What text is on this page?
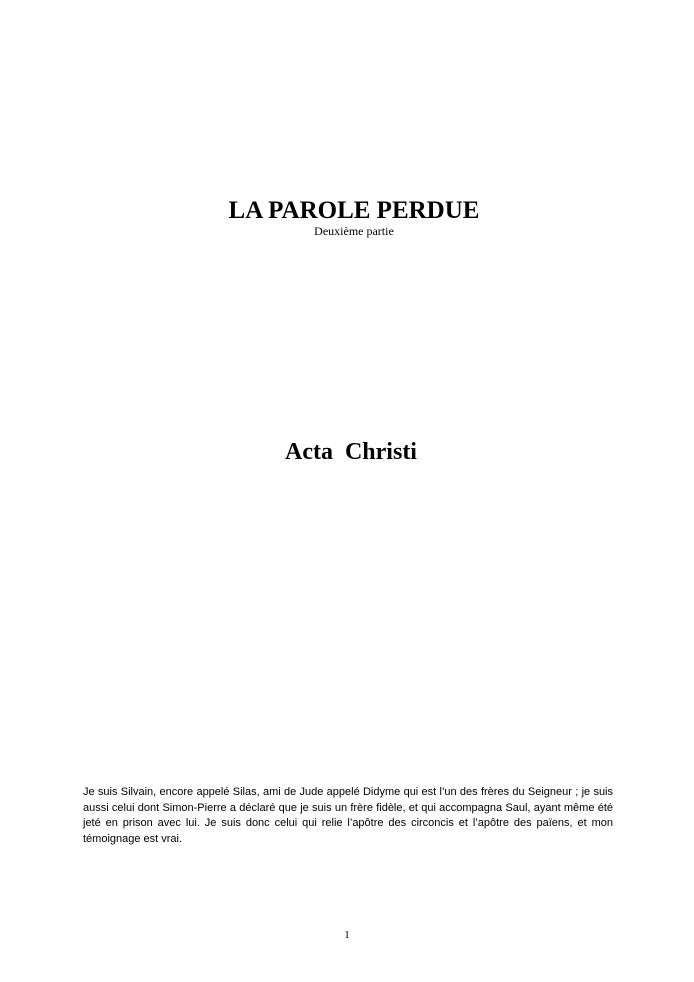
LA PAROLE PERDUE
Deuxième partie
Acta Christi

Je suis Silvain, encore appelé Silas, ami de Jude appelé Didyme qui est l’un des frères du Seigneur ; je suis aussi celui dont Simon-Pierre a déclaré que je suis un frère fidèle, et qui accompagna Saul, ayant même été jeté en prison avec lui. Je suis donc celui qui relie l’apôtre des circoncis et l’apôtre des païens, et mon témoignage est vrai.

1
